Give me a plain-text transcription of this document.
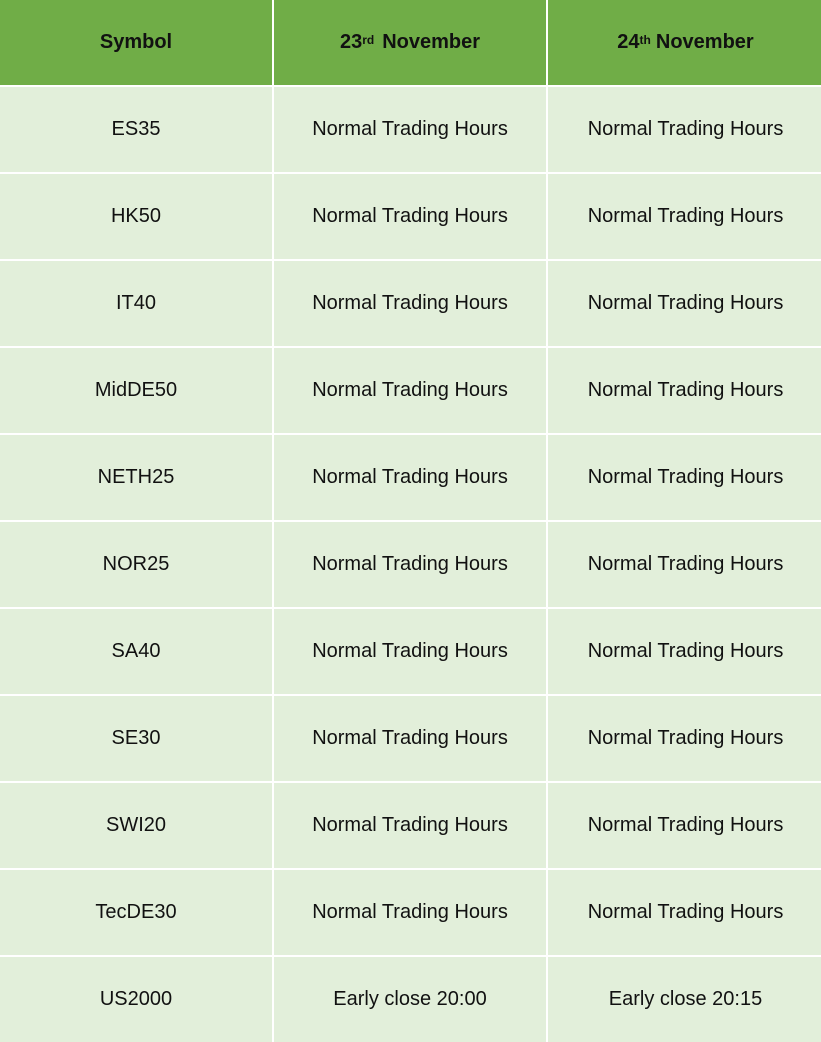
Symbol	23rd November	24th November
ES35	Normal Trading Hours	Normal Trading Hours
HK50	Normal Trading Hours	Normal Trading Hours
IT40	Normal Trading Hours	Normal Trading Hours
MidDE50	Normal Trading Hours	Normal Trading Hours
NETH25	Normal Trading Hours	Normal Trading Hours
NOR25	Normal Trading Hours	Normal Trading Hours
SA40	Normal Trading Hours	Normal Trading Hours
SE30	Normal Trading Hours	Normal Trading Hours
SWI20	Normal Trading Hours	Normal Trading Hours
TecDE30	Normal Trading Hours	Normal Trading Hours
US2000	Early close 20:00	Early close 20:15
